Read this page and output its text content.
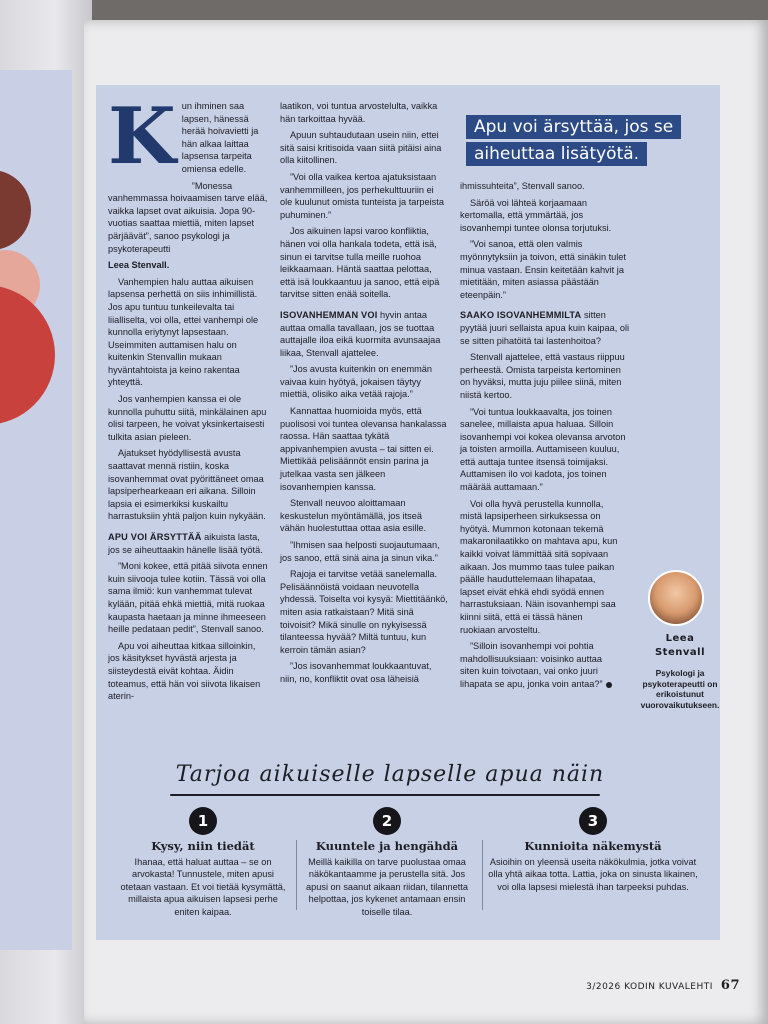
K un ihminen saa lapsen, hänessä herää hoivavietti ja hän alkaa laittaa lapsensa tarpeita omiensa edelle.

”Monessa vanhemmassa hoivaamisen tarve elää, vaikka lapset ovat aikuisia. Jopa 90-vuotias saattaa miettiä, miten lapset pärjäävät”, sanoo psykologi ja psykoterapeutti

Leea Stenvall.

Vanhempien halu auttaa aikuisen lapsensa perhettä on siis inhimillistä. Jos apu tuntuu tunkeilevalta tai liialliselta, voi olla, ettei vanhempi ole kunnolla eriytynyt lapsestaan. Useimmiten auttamisen halu on kuitenkin Stenvallin mukaan hyväntahtoista ja keino rakentaa yhteyttä.

Jos vanhempien kanssa ei ole kunnolla puhuttu siitä, minkälainen apu olisi tarpeen, he voivat yksinkertaisesti tulkita asian pieleen.

Ajatukset hyödyllisestä avusta saattavat mennä ristiin, koska isovanhemmat ovat pyörittäneet omaa lapsiperhearkeaan eri aikana. Silloin lapsia ei esimerkiksi kuskailtu harrastuksiin yhtä paljon kuin nykyään.

APU VOI ÄRSYTTÄÄ aikuista lasta, jos se aiheuttaakin hänelle lisää työtä.

”Moni kokee, että pitää siivota ennen kuin siivooja tulee kotiin. Tässä voi olla sama ilmiö: kun vanhemmat tulevat kylään, pitää ehkä miettiä, mitä ruokaa kaupasta haetaan ja minne ihmeeseen heille pedataan pedit”, Stenvall sanoo.

Apu voi aiheuttaa kitkaa silloinkin, jos käsitykset hyvästä arjesta ja siisteydestä eivät kohtaa. Äidin toteamus, että hän voi siivota likaisen aterin-

laatikon, voi tuntua arvostelulta, vaikka hän tarkoittaa hyvää.

Apuun suhtaudutaan usein niin, ettei sitä saisi kritisoida vaan siitä pitäisi aina olla kiitollinen.

”Voi olla vaikea kertoa ajatuksistaan vanhemmilleen, jos perhekulttuuriin ei ole kuulunut omista tunteista ja tarpeista puhuminen.”

Jos aikuinen lapsi varoo konfliktia, hänen voi olla hankala todeta, että isä, sinun ei tarvitse tulla meille ruohoa leikkaamaan. Häntä saattaa pelottaa, että isä loukkaantuu ja sanoo, että eipä tarvitse sitten enää soitella.

ISOVANHEMMAN VOI hyvin antaa auttaa omalla tavallaan, jos se tuottaa auttajalle iloa eikä kuormita avunsaajaa liikaa, Stenvall ajattelee.

”Jos avusta kuitenkin on enemmän vaivaa kuin hyötyä, jokaisen täytyy miettiä, olisiko aika vetää rajoja.”

Kannattaa huomioida myös, että puolisosi voi tuntea olevansa hankalassa raossa. Hän saattaa tykätä appivanhempien avusta – tai sitten ei. Miettikää pelisäännöt ensin parina ja jutelkaa vasta sen jälkeen isovanhempien kanssa.

Stenvall neuvoo aloittamaan keskustelun myöntämällä, jos itseä vähän huolestuttaa ottaa asia esille.

”Ihmisen saa helposti suojautumaan, jos sanoo, että sinä aina ja sinun vika.”

Rajoja ei tarvitse vetää sanelemalla. Pelisäännöistä voidaan neuvotella yhdessä. Toiselta voi kysyä: Miettitäänkö, miten asia ratkaistaan? Mitä sinä toivoisit? Mikä sinulle on nykyisessä tilanteessa hyvää? Miltä tuntuu, kun kerroin tämän asian?

”Jos isovanhemmat loukkaantuvat, niin, no, konfliktit ovat osa läheisiä

Apu voi ärsyttää, jos se aiheuttaa lisätyötä.

ihmissuhteita”, Stenvall sanoo.

Säröä voi lähteä korjaamaan kertomalla, että ymmärtää, jos isovanhempi tuntee olonsa torjutuksi.

”Voi sanoa, että olen valmis myönnytyksiin ja toivon, että sinäkin tulet minua vastaan. Ensin keitetään kahvit ja mietitään, miten asiassa päästään eteenpäin.”

SAAKO ISOVANHEMMILTA sitten pyytää juuri sellaista apua kuin kaipaa, oli se sitten pihatöitä tai lastenhoitoa?

Stenvall ajattelee, että vastaus riippuu perheestä. Omista tarpeista kertominen on hyväksi, mutta juju piilee siinä, miten niistä kertoo.

”Voi tuntua loukkaavalta, jos toinen sanelee, millaista apua haluaa. Silloin isovanhempi voi kokea olevansa arvoton ja toisten armoilla. Auttamiseen kuuluu, että auttaja tuntee itsensä toimijaksi. Auttamisen ilo voi kadota, jos toinen määrää auttamaan.”

Voi olla hyvä perustella kunnolla, mistä lapsiperheen sirkuksessa on hyötyä. Mummon kotonaan tekemä makaronilaatikko on mahtava apu, kun kaikki voivat lämmittää sitä sopivaan aikaan. Jos mummo taas tulee paikan päälle hauduttelemaan lihapataa, lapset eivät ehkä ehdi syödä ennen harrastuksiaan. Näin isovanhempi saa kiinni siitä, että ei tässä hänen ruokiaan arvosteltu.

”Silloin isovanhempi voi pohtia mahdollisuuksiaan: voisinko auttaa siten kuin toivotaan, vai onko juuri lihapata se apu, jonka voin antaa?”

Leea
Stenvall
Psykologi ja psykoterapeutti on erikoistunut vuorovaikutukseen.
Tarjoa aikuiselle lapselle apua näin
1
Kysy, niin tiedät
Ihanaa, että haluat auttaa – se on arvokasta! Tunnustele, miten apusi otetaan vastaan. Et voi tietää kysymättä, millaista apua aikuisen lapsesi perhe eniten kaipaa.
2
Kuuntele ja hengähdä
Meillä kaikilla on tarve puolustaa omaa näkökantaamme ja perustella sitä. Jos apusi on saanut aikaan riidan, tilannetta helpottaa, jos kykenet antamaan ensin toiselle tilaa.
3
Kunnioita näkemystä
Asioihin on yleensä useita näkökulmia, jotka voivat olla yhtä aikaa totta. Lattia, joka on sinusta likainen, voi olla lapsesi mielestä ihan tarpeeksi puhdas.
3/2026 KODIN KUVALEHTI 67
